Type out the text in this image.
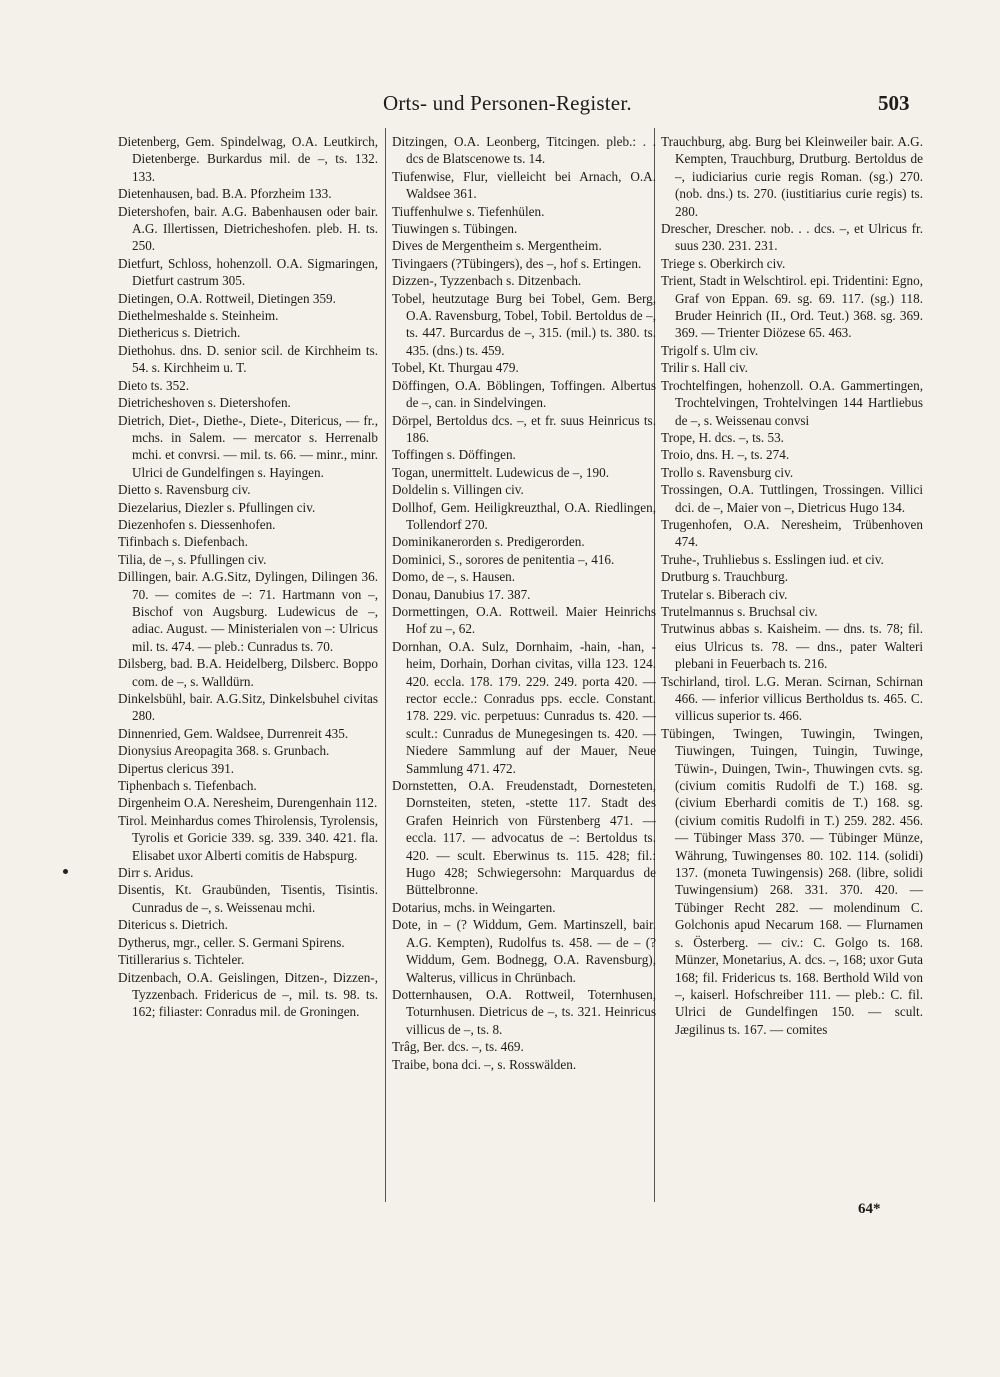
Orts- und Personen-Register.	503
Dietenberg, Gem. Spindelwag, O.A. Leutkirch, Dietenberge. Burkardus mil. de –, ts. 132. 133.
Dietenhausen, bad. B.A. Pforzheim 133.
Dietershofen, bair. A.G. Babenhausen oder bair. A.G. Illertissen, Dietricheshofen. pleb. H. ts. 250.
Dietfurt, Schloss, hohenzoll. O.A. Sigmaringen, Dietfurt castrum 305.
Dietingen, O.A. Rottweil, Dietingen 359.
Diethelmeshalde s. Steinheim.
Diethericus s. Dietrich.
Diethohus. dns. D. senior scil. de Kirchheim ts. 54. s. Kirchheim u. T.
Dieto ts. 352.
Dietricheshoven s. Dietershofen.
Dietrich, Diet-, Diethe-, Diete-, Ditericus, — fr., mchs. in Salem. — mercator s. Herrenalb mchi. et convrsi. — mil. ts. 66. — minr., minr. Ulrici de Gundelfingen s. Hayingen.
Dietto s. Ravensburg civ.
Diezelarius, Diezler s. Pfullingen civ.
Diezenhofen s. Diessenhofen.
Tifinbach s. Diefenbach.
Tilia, de –, s. Pfullingen civ.
Dillingen, bair. A.G.Sitz, Dylingen, Dilingen 36. 70. — comites de –: 71. Hartmann von –, Bischof von Augsburg. Ludewicus de –, adiac. August. — Ministerialen von –: Ulricus mil. ts. 474. — pleb.: Cunradus ts. 70.
Dilsberg, bad. B.A. Heidelberg, Dilsberc. Boppo com. de –, s. Walldürn.
Dinkelsbühl, bair. A.G.Sitz, Dinkelsbuhel civitas 280.
Dinnenried, Gem. Waldsee, Durrenreit 435.
Dionysius Areopagita 368. s. Grunbach.
Dipertus clericus 391.
Tiphenbach s. Tiefenbach.
Dirgenheim O.A. Neresheim, Durengenhain 112.
Tirol. Meinhardus comes Thirolensis, Tyrolensis, Tyrolis et Goricie 339. sg. 339. 340. 421. fla. Elisabet uxor Alberti comitis de Habspurg.
Dirr s. Aridus.
Disentis, Kt. Graubünden, Tisentis, Tisintis. Cunradus de –, s. Weissenau mchi.
Ditericus s. Dietrich.
Dytherus, mgr., celler. S. Germani Spirens.
Titillerarius s. Tichteler.
Ditzenbach, O.A. Geislingen, Ditzen-, Dizzen-, Tyzzenbach. Fridericus de –, mil. ts. 98. ts. 162; filiaster: Conradus mil. de Groningen.
Ditzingen, O.A. Leonberg, Titcingen. pleb.: . . dcs de Blatscenowe ts. 14.
Tiufenwise, Flur, vielleicht bei Arnach, O.A. Waldsee 361.
Tiuffenhulwe s. Tiefenhülen.
Tiuwingen s. Tübingen.
Dives de Mergentheim s. Mergentheim.
Tivingaers (?Tübingers), des –, hof s. Ertingen.
Dizzen-, Tyzzenbach s. Ditzenbach.
Tobel, heutzutage Burg bei Tobel, Gem. Berg, O.A. Ravensburg, Tobel, Tobil. Bertoldus de –, ts. 447. Burcardus de –, 315. (mil.) ts. 380. ts. 435. (dns.) ts. 459.
Tobel, Kt. Thurgau 479.
Döffingen, O.A. Böblingen, Toffingen. Albertus de –, can. in Sindelvingen.
Dörpel, Bertoldus dcs. –, et fr. suus Heinricus ts. 186.
Toffingen s. Döffingen.
Togan, unermittelt. Ludewicus de –, 190.
Doldelin s. Villingen civ.
Dollhof, Gem. Heiligkreuzthal, O.A. Riedlingen, Tollendorf 270.
Dominikanerorden s. Predigerorden.
Dominici, S., sorores de penitentia –, 416.
Domo, de –, s. Hausen.
Donau, Danubius 17. 387.
Dormettingen, O.A. Rottweil. Maier Heinrichs Hof zu –, 62.
Dornhan, O.A. Sulz, Dornhaim, -hain, -han, -heim, Dorhain, Dorhan civitas, villa 123. 124. 420. eccla. 178. 179. 229. 249. porta 420. — rector eccle.: Conradus pps. eccle. Constant. 178. 229. vic. perpetuus: Cunradus ts. 420. — scult.: Cunradus de Munegesingen ts. 420. — Niedere Sammlung auf der Mauer, Neue Sammlung 471. 472.
Dornstetten, O.A. Freudenstadt, Dornesteten, Dornsteiten, steten, -stette 117. Stadt des Grafen Heinrich von Fürstenberg 471. — eccla. 117. — advocatus de –: Bertoldus ts. 420. — scult. Eberwinus ts. 115. 428; fil.: Hugo 428; Schwiegersohn: Marquardus de Büttelbronne.
Dotarius, mchs. in Weingarten.
Dote, in – (? Widdum, Gem. Martinszell, bair. A.G. Kempten), Rudolfus ts. 458. — de – (? Widdum, Gem. Bodnegg, O.A. Ravensburg), Walterus, villicus in Chrünbach.
Dotternhausen, O.A. Rottweil, Toternhusen, Toturnhusen. Dietricus de –, ts. 321. Heinricus villicus de –, ts. 8.
Trâg, Ber. dcs. –, ts. 469.
Traibe, bona dci. –, s. Rosswälden.
Trauchburg, abg. Burg bei Kleinweiler bair. A.G. Kempten, Trauchburg, Drutburg. Bertoldus de –, iudiciarius curie regis Roman. (sg.) 270. (nob. dns.) ts. 270. (iustitiarius curie regis) ts. 280.
Drescher, Drescher. nob. . . dcs. –, et Ulricus fr. suus 230. 231. 231.
Triege s. Oberkirch civ.
Trient, Stadt in Welschtirol. epi. Tridentini: Egno, Graf von Eppan. 69. sg. 69. 117. (sg.) 118. Bruder Heinrich (II., Ord. Teut.) 368. sg. 369. 369. — Trienter Diözese 65. 463.
Trigolf s. Ulm civ.
Trilir s. Hall civ.
Trochtelfingen, hohenzoll. O.A. Gammertingen, Trochtelvingen, Trohtelvingen 144 Hartliebus de –, s. Weissenau convsi
Trope, H. dcs. –, ts. 53.
Troio, dns. H. –, ts. 274.
Trollo s. Ravensburg civ.
Trossingen, O.A. Tuttlingen, Trossingen. Villici dci. de –, Maier von –, Dietricus Hugo 134.
Trugenhofen, O.A. Neresheim, Trübenhoven 474.
Truhe-, Truhliebus s. Esslingen iud. et civ.
Drutburg s. Trauchburg.
Trutelar s. Biberach civ.
Trutelmannus s. Bruchsal civ.
Trutwinus abbas s. Kaisheim. — dns. ts. 78; fil. eius Ulricus ts. 78. — dns., pater Walteri plebani in Feuerbach ts. 216.
Tschirland, tirol. L.G. Meran. Scirnan, Schirnan 466. — inferior villicus Bertholdus ts. 465. C. villicus superior ts. 466.
Tübingen, Twingen, Tuwingin, Twingen, Tiuwingen, Tuingen, Tuingin, Tuwinge, Tüwin-, Duingen, Twin-, Thuwingen cvts. sg. (civium comitis Rudolfi de T.) 168. sg. (civium Eberhardi comitis de T.) 168. sg. (civium comitis Rudolfi in T.) 259. 282. 456. — Tübinger Mass 370. — Tübinger Münze, Währung, Tuwingenses 80. 102. 114. (solidi) 137. (moneta Tuwingensis) 268. (libre, solidi Tuwingensium) 268. 331. 370. 420. — Tübinger Recht 282. — molendinum C. Golchonis apud Necarum 168. — Flurnamen s. Österberg. — civ.: C. Golgo ts. 168. Münzer, Monetarius, A. dcs. –, 168; uxor Guta 168; fil. Fridericus ts. 168. Berthold Wild von –, kaiserl. Hofschreiber 111. — pleb.: C. fil. Ulrici de Gundelfingen 150. — scult. Jægilinus ts. 167. — comites
64*
